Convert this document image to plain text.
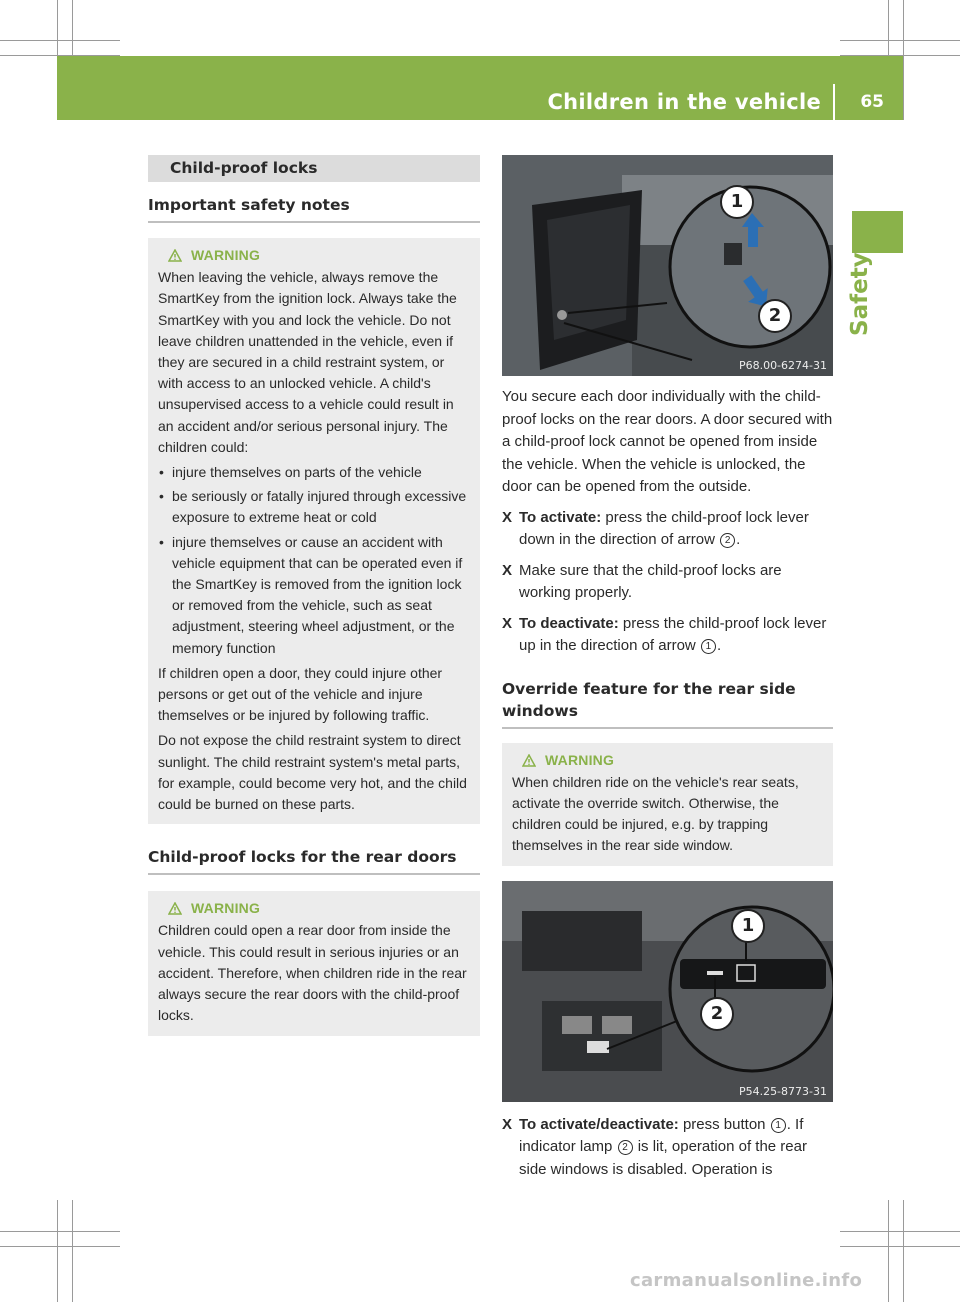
Children in the vehicle 65
Safety
Child-proof locks
Important safety notes
WARNING

When leaving the vehicle, always remove the SmartKey from the ignition lock. Always take the SmartKey with you and lock the vehicle. Do not leave children unattended in the vehicle, even if they are secured in a child restraint system, or with access to an unlocked vehicle. A child's unsupervised access to a vehicle could result in an accident and/or serious personal injury. The children could:

• injure themselves on parts of the vehicle
• be seriously or fatally injured through excessive exposure to extreme heat or cold
• injure themselves or cause an accident with vehicle equipment that can be operated even if the SmartKey is removed from the ignition lock or removed from the vehicle, such as seat adjustment, steering wheel adjustment, or the memory function

If children open a door, they could injure other persons or get out of the vehicle and injure themselves or be injured by following traffic.

Do not expose the child restraint system to direct sunlight. The child restraint system's metal parts, for example, could become very hot, and the child could be burned on these parts.

Child-proof locks for the rear doors
WARNING

Children could open a rear door from inside the vehicle. This could result in serious injuries or an accident. Therefore, when children ride in the rear always secure the rear doors with the child-proof locks.

1
2
P68.00-6274-31
You secure each door individually with the child-proof locks on the rear doors. A door secured with a child-proof lock cannot be opened from inside the vehicle. When the vehicle is unlocked, the door can be opened from the outside.
X To activate: press the child-proof lock lever down in the direction of arrow 2 .
X Make sure that the child-proof locks are working properly.
X To deactivate: press the child-proof lock lever up in the direction of arrow 1 .
Override feature for the rear side windows
WARNING

When children ride on the vehicle's rear seats, activate the override switch. Otherwise, the children could be injured, e.g. by trapping themselves in the rear side window.

1
2
P54.25-8773-31
X To activate/deactivate: press button 1 . If indicator lamp 2 is lit, operation of the rear side windows is disabled. Operation is
carmanualsonline.info
